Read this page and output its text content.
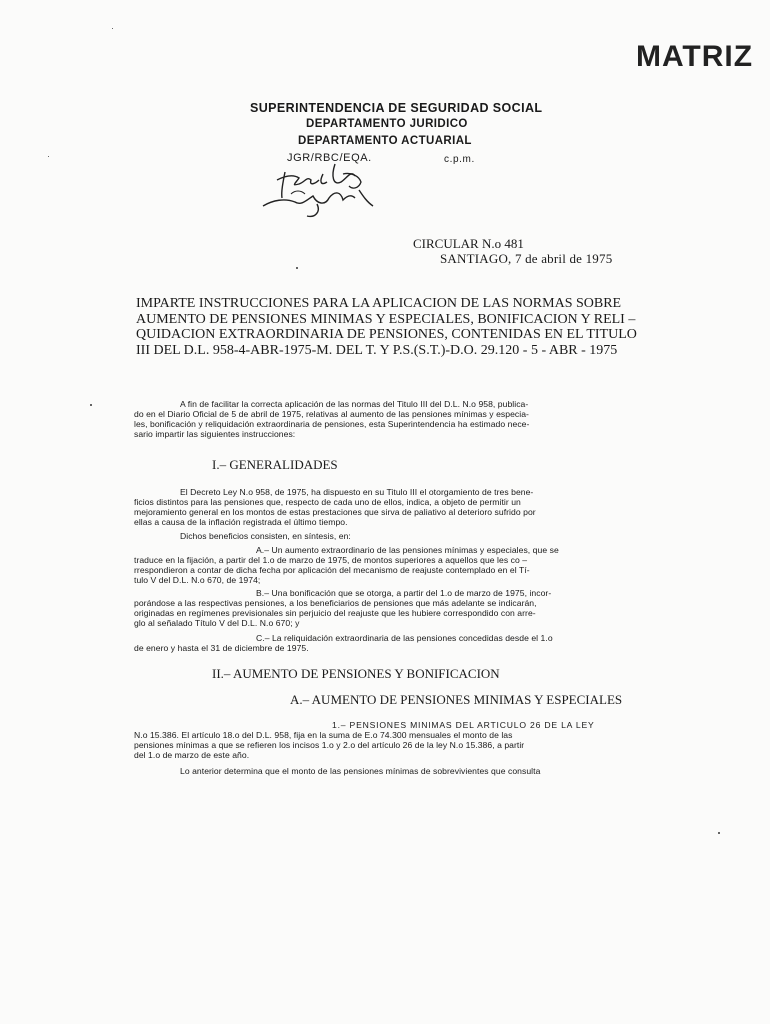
MATRIZ
SUPERINTENDENCIA DE SEGURIDAD SOCIAL
DEPARTAMENTO JURIDICO
DEPARTAMENTO ACTUARIAL
JGR/RBC/EQA.	c.p.m.
CIRCULAR N.o 481
SANTIAGO, 7 de abril de 1975
IMPARTE INSTRUCCIONES PARA LA APLICACION DE LAS NORMAS SOBRE
AUMENTO DE PENSIONES MINIMAS Y ESPECIALES, BONIFICACION Y RELI –
QUIDACION EXTRAORDINARIA DE PENSIONES, CONTENIDAS EN EL TITULO
III DEL D.L. 958-4-ABR-1975-M. DEL T. Y P.S.(S.T.)-D.O. 29.120 - 5 - ABR - 1975
A fin de facilitar la correcta aplicación de las normas del Titulo III del D.L. N.o 958, publica-
do en el Diario Oficial de 5 de abril de 1975, relativas al aumento de las pensiones mínimas y especia-
les, bonificación y reliquidación extraordinaria de pensiones, esta Superintendencia ha estimado nece-
sario impartir las siguientes instrucciones:
I.– GENERALIDADES
El Decreto Ley N.o 958, de 1975, ha dispuesto en su Titulo III el otorgamiento de tres bene-
ficios distintos para las pensiones que, respecto de cada uno de ellos, indica, a objeto de permitir un
mejoramiento general en los montos de estas prestaciones que sirva de paliativo al deterioro sufrido por
ellas a causa de la inflación registrada el último tiempo.
Dichos beneficios consisten, en síntesis, en:
A.– Un aumento extraordinario de las pensiones mínimas y especiales, que se
traduce en la fijación, a partir del 1.o de marzo de 1975, de montos superiores a aquellos que les co –
rrespondieron a contar de dicha fecha por aplicación del mecanismo de reajuste contemplado en el Tí-
tulo V del D.L. N.o 670, de 1974;
B.– Una bonificación que se otorga, a partir del 1.o de marzo de 1975, incor-
porándose a las respectivas pensiones, a los beneficiarios de pensiones que más adelante se indicarán,
originadas en regímenes previsionales sin perjuicio del reajuste que les hubiere correspondido con arre-
glo al señalado Título V del D.L. N.o 670; y
C.– La reliquidación extraordinaria de las pensiones concedidas desde el 1.o
de enero y hasta el 31 de diciembre de 1975.
II.– AUMENTO DE PENSIONES Y BONIFICACION
A.– AUMENTO DE PENSIONES MINIMAS Y ESPECIALES
1.– PENSIONES MINIMAS DEL ARTICULO 26 DE LA LEY
N.o 15.386. El artículo 18.o del D.L. 958, fija en la suma de E.o 74.300 mensuales el monto de las
pensiones mínimas a que se refieren los incisos 1.o y 2.o del artículo 26 de la ley N.o 15.386, a partir
del 1.o de marzo de este año.
Lo anterior determina que el monto de las pensiones mínimas de sobrevivientes que consulta
